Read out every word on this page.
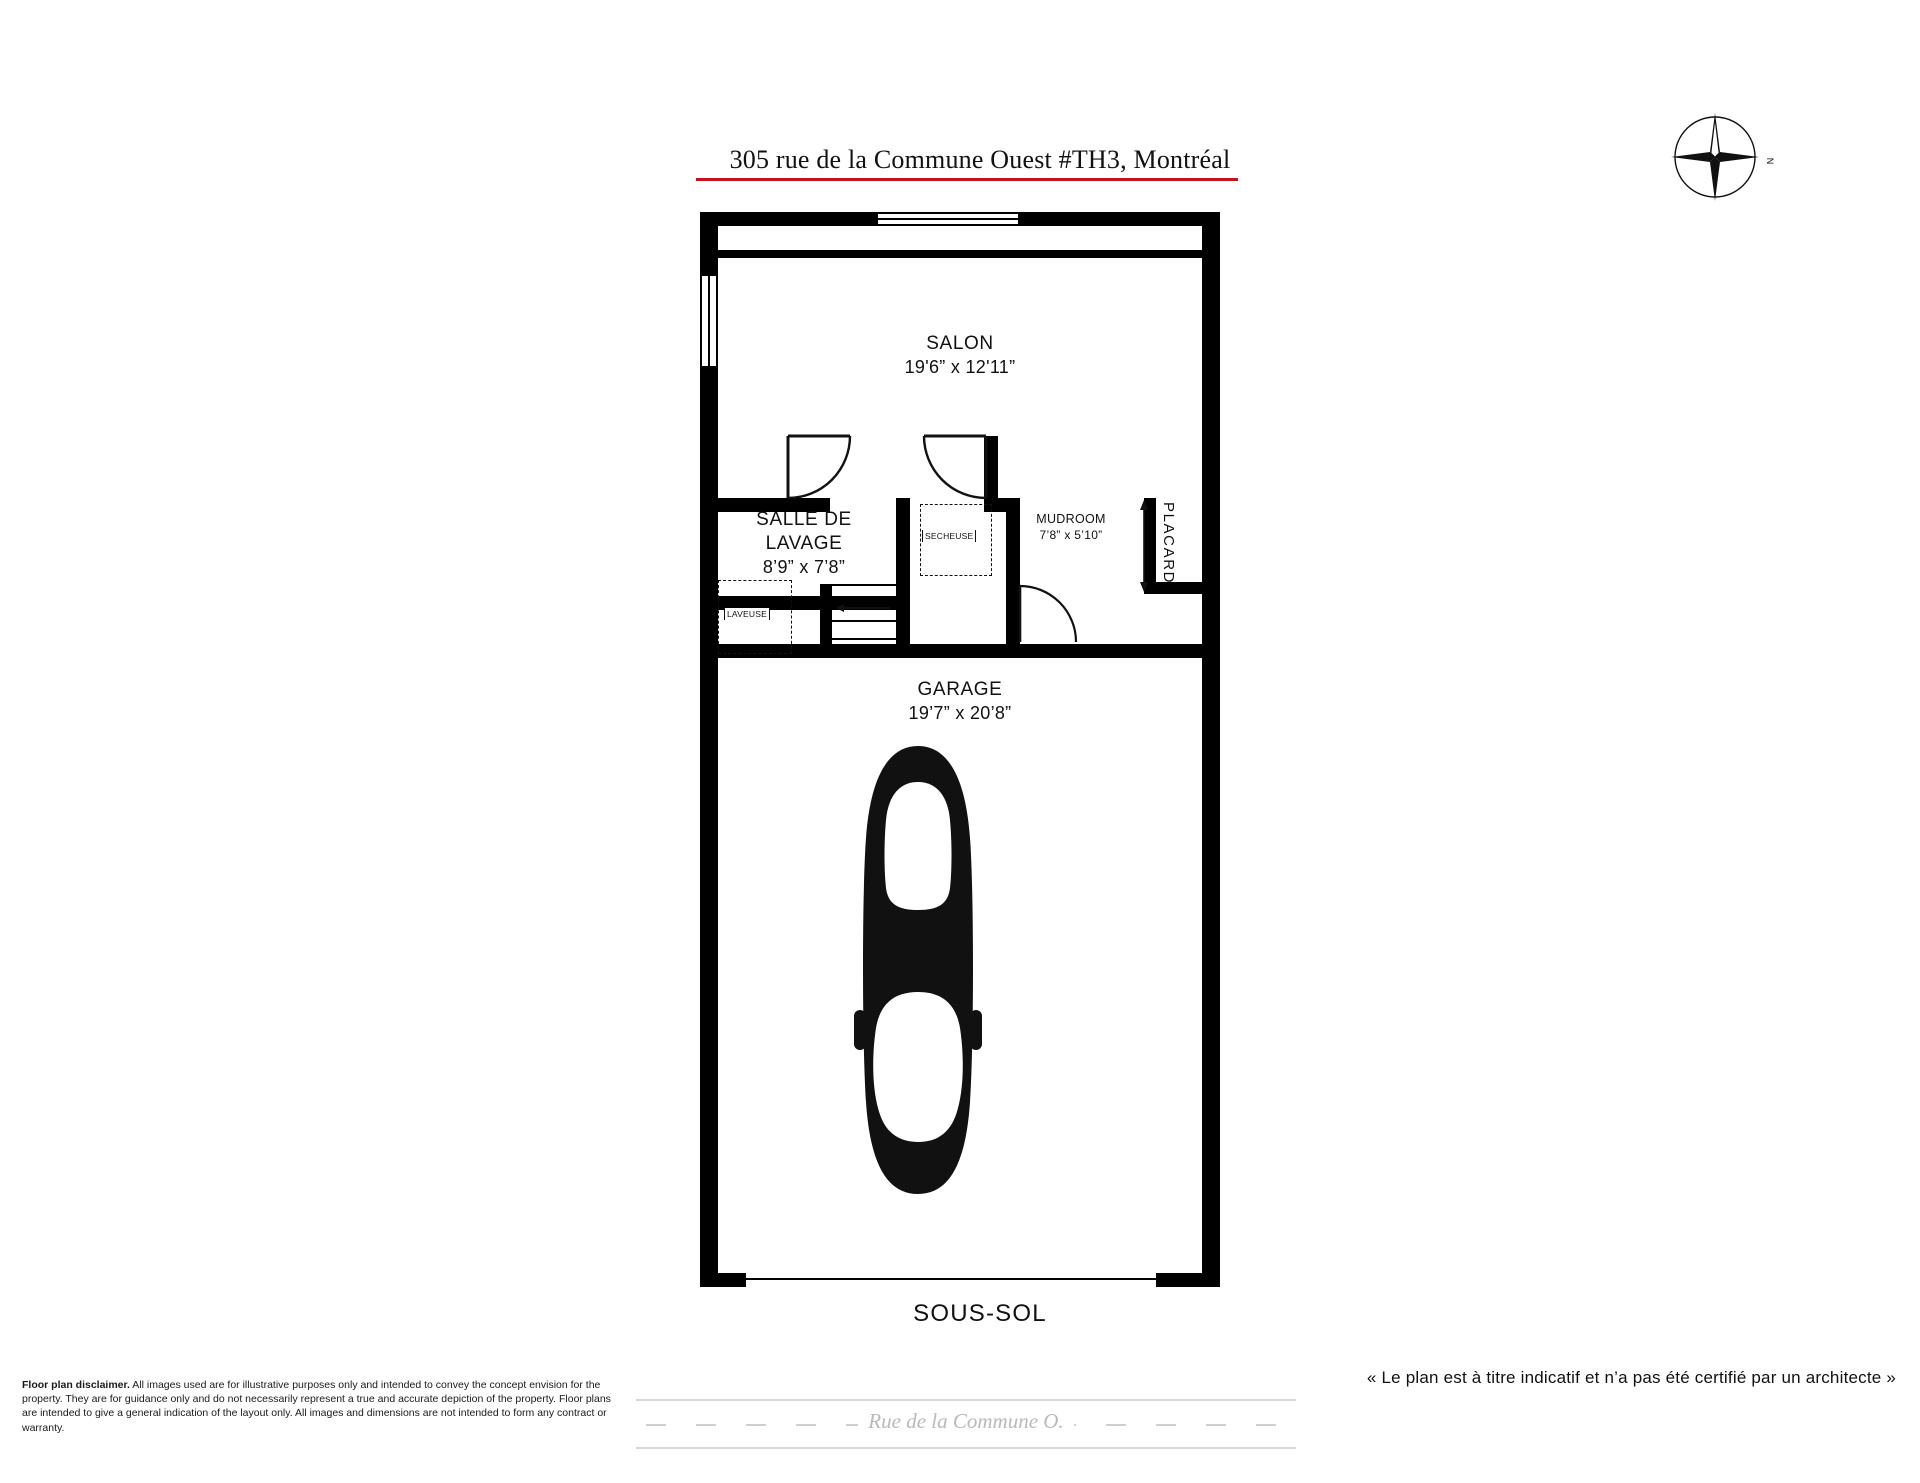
305 rue de la Commune Ouest #TH3, Montréal	N
SECHEUSE
LAVEUSE
SALON
19'6” x 12'11”
SALLE DE
LAVAGE
8’9” x 7’8”
MUDROOM
7’8” x 5’10”	PLACARD
GARAGE
19’7” x 20’8”
SOUS-SOL
Floor plan disclaimer. All images used are for illustrative purposes only and intended to convey the concept envision for the property. They are for guidance only and do not necessarily represent a true and accurate depiction of the property. Floor plans are intended to give a general indication of the layout only. All images and dimensions are not intended to form any contract or warranty.
« Le plan est à titre indicatif et n’a pas été certifié par un architecte »
Rue de la Commune O.
